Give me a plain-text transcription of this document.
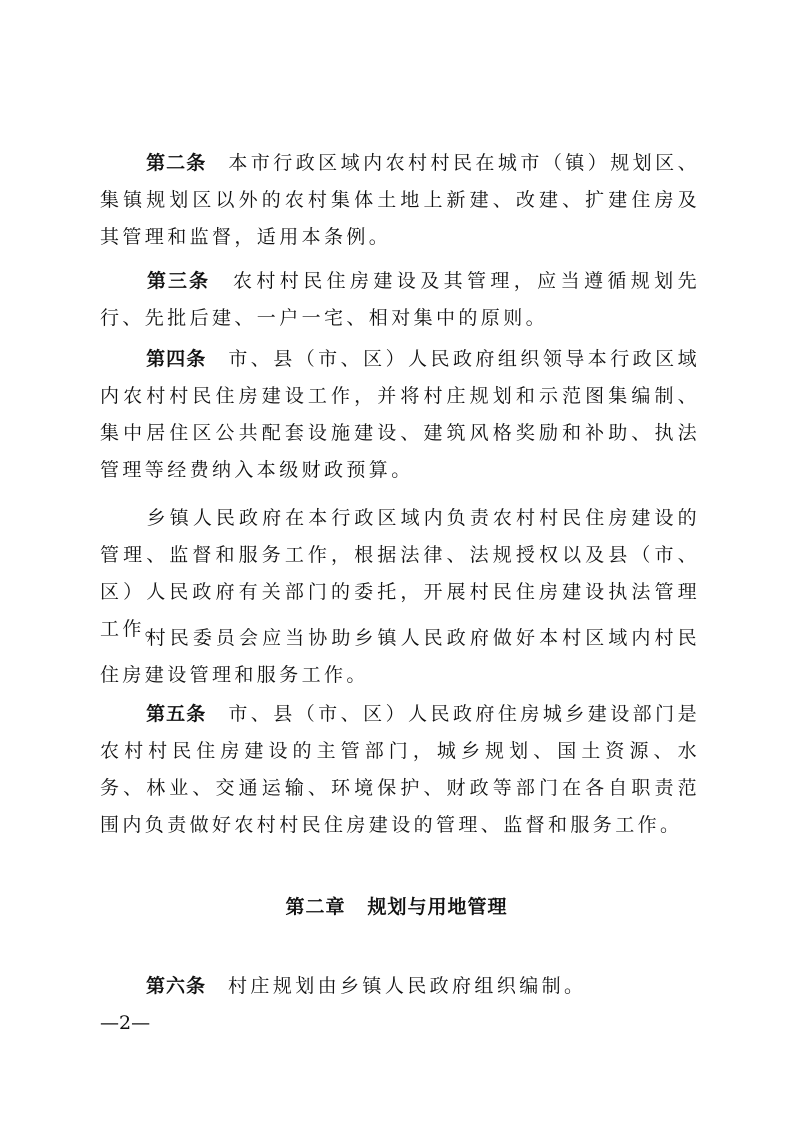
第二条 本市行政区域内农村村民在城市（镇）规划区、集镇规划区以外的农村集体土地上新建、改建、扩建住房及其管理和监督，适用本条例。

第三条 农村村民住房建设及其管理，应当遵循规划先行、先批后建、一户一宅、相对集中的原则。

第四条 市、县（市、区）人民政府组织领导本行政区域内农村村民住房建设工作，并将村庄规划和示范图集编制、集中居住区公共配套设施建设、建筑风格奖励和补助、执法管理等经费纳入本级财政预算。

乡镇人民政府在本行政区域内负责农村村民住房建设的管理、监督和服务工作，根据法律、法规授权以及县（市、区）人民政府有关部门的委托，开展村民住房建设执法管理工作。

村民委员会应当协助乡镇人民政府做好本村区域内村民住房建设管理和服务工作。

第五条 市、县（市、区）人民政府住房城乡建设部门是农村村民住房建设的主管部门，城乡规划、国土资源、水务、林业、交通运输、环境保护、财政等部门在各自职责范围内负责做好农村村民住房建设的管理、监督和服务工作。

第二章 规划与用地管理

第六条 村庄规划由乡镇人民政府组织编制。

—2—
